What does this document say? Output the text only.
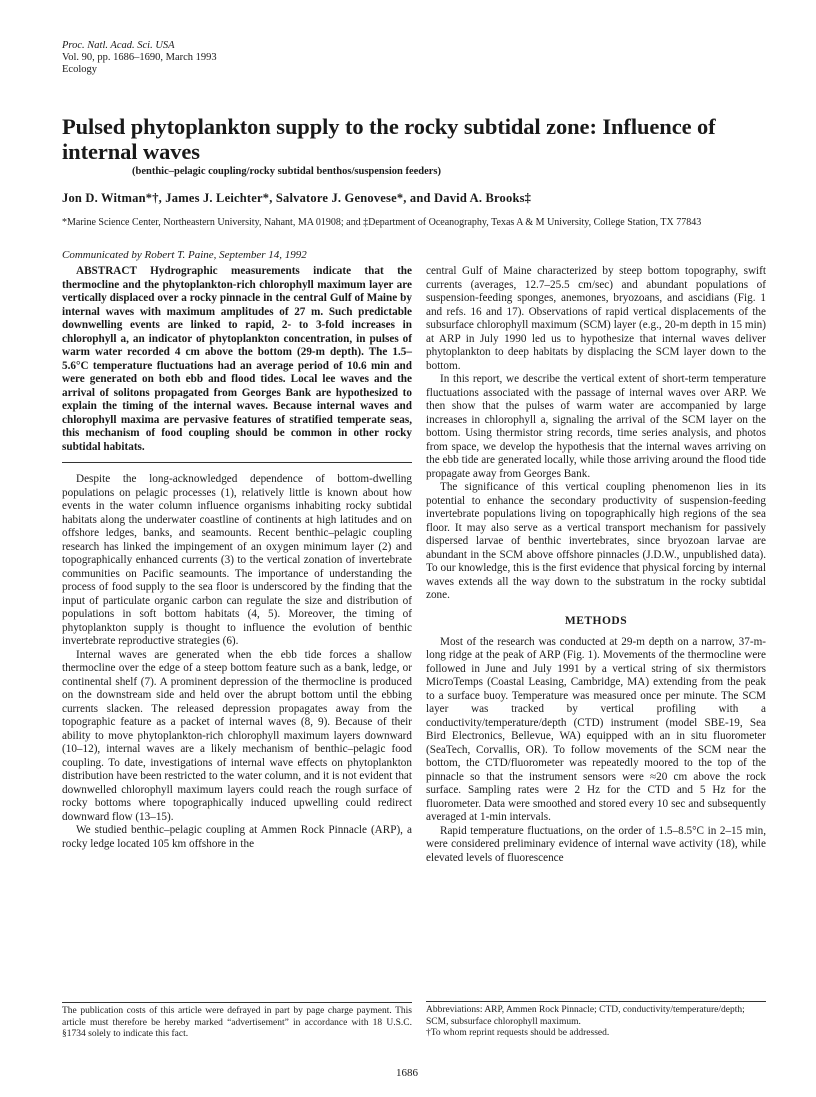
Proc. Natl. Acad. Sci. USA
Vol. 90, pp. 1686–1690, March 1993
Ecology
Pulsed phytoplankton supply to the rocky subtidal zone: Influence of internal waves
(benthic–pelagic coupling/rocky subtidal benthos/suspension feeders)
Jon D. Witman*†, James J. Leichter*, Salvatore J. Genovese*, and David A. Brooks‡
*Marine Science Center, Northeastern University, Nahant, MA 01908; and ‡Department of Oceanography, Texas A & M University, College Station, TX 77843
Communicated by Robert T. Paine, September 14, 1992

ABSTRACT Hydrographic measurements indicate that the thermocline and the phytoplankton-rich chlorophyll maximum layer are vertically displaced over a rocky pinnacle in the central Gulf of Maine by internal waves with maximum amplitudes of 27 m. Such predictable downwelling events are linked to rapid, 2- to 3-fold increases in chlorophyll a, an indicator of phytoplankton concentration, in pulses of warm water recorded 4 cm above the bottom (29-m depth). The 1.5–5.6°C temperature fluctuations had an average period of 10.6 min and were generated on both ebb and flood tides. Local lee waves and the arrival of solitons propagated from Georges Bank are hypothesized to explain the timing of the internal waves. Because internal waves and chlorophyll maxima are pervasive features of stratified temperate seas, this mechanism of food coupling should be common in other rocky subtidal habitats.

Despite the long-acknowledged dependence of bottom-dwelling populations on pelagic processes (1), relatively little is known about how events in the water column influence organisms inhabiting rocky subtidal habitats along the underwater coastline of continents at high latitudes and on offshore ledges, banks, and seamounts. Recent benthic–pelagic coupling research has linked the impingement of an oxygen minimum layer (2) and topographically enhanced currents (3) to the vertical zonation of invertebrate communities on Pacific seamounts. The importance of understanding the process of food supply to the sea floor is underscored by the finding that the input of particulate organic carbon can regulate the size and distribution of populations in soft bottom habitats (4, 5). Moreover, the timing of phytoplankton supply is thought to influence the evolution of benthic invertebrate reproductive strategies (6).

Internal waves are generated when the ebb tide forces a shallow thermocline over the edge of a steep bottom feature such as a bank, ledge, or continental shelf (7). A prominent depression of the thermocline is produced on the downstream side and held over the abrupt bottom until the ebbing currents slacken. The released depression propagates away from the topographic feature as a packet of internal waves (8, 9). Because of their ability to move phytoplankton-rich chlorophyll maximum layers downward (10–12), internal waves are a likely mechanism of benthic–pelagic food coupling. To date, investigations of internal wave effects on phytoplankton distribution have been restricted to the water column, and it is not evident that downwelled chlorophyll maximum layers could reach the rough surface of rocky bottoms where topographically induced upwelling could redirect downward flow (13–15).

We studied benthic–pelagic coupling at Ammen Rock Pinnacle (ARP), a rocky ledge located 105 km offshore in the

central Gulf of Maine characterized by steep bottom topography, swift currents (averages, 12.7–25.5 cm/sec) and abundant populations of suspension-feeding sponges, anemones, bryozoans, and ascidians (Fig. 1 and refs. 16 and 17). Observations of rapid vertical displacements of the subsurface chlorophyll maximum (SCM) layer (e.g., 20-m depth in 15 min) at ARP in July 1990 led us to hypothesize that internal waves deliver phytoplankton to deep habitats by displacing the SCM layer down to the bottom.

In this report, we describe the vertical extent of short-term temperature fluctuations associated with the passage of internal waves over ARP. We then show that the pulses of warm water are accompanied by large increases in chlorophyll a, signaling the arrival of the SCM layer on the bottom. Using thermistor string records, time series analysis, and photos from space, we develop the hypothesis that the internal waves arriving on the ebb tide are generated locally, while those arriving around the flood tide propagate away from Georges Bank.

The significance of this vertical coupling phenomenon lies in its potential to enhance the secondary productivity of suspension-feeding invertebrate populations living on topographically high regions of the sea floor. It may also serve as a vertical transport mechanism for passively dispersed larvae of benthic invertebrates, since bryozoan larvae are abundant in the SCM above offshore pinnacles (J.D.W., unpublished data). To our knowledge, this is the first evidence that physical forcing by internal waves extends all the way down to the substratum in the rocky subtidal zone.

METHODS

Most of the research was conducted at 29-m depth on a narrow, 37-m-long ridge at the peak of ARP (Fig. 1). Movements of the thermocline were followed in June and July 1991 by a vertical string of six thermistors MicroTemps (Coastal Leasing, Cambridge, MA) extending from the peak to a surface buoy. Temperature was measured once per minute. The SCM layer was tracked by vertical profiling with a conductivity/temperature/depth (CTD) instrument (model SBE-19, Sea Bird Electronics, Bellevue, WA) equipped with an in situ fluorometer (SeaTech, Corvallis, OR). To follow movements of the SCM near the bottom, the CTD/fluorometer was repeatedly moored to the top of the pinnacle so that the instrument sensors were ≈20 cm above the rock surface. Sampling rates were 2 Hz for the CTD and 5 Hz for the fluorometer. Data were smoothed and stored every 10 sec and subsequently averaged at 1-min intervals.

Rapid temperature fluctuations, on the order of 1.5–8.5°C in 2–15 min, were considered preliminary evidence of internal wave activity (18), while elevated levels of fluorescence

The publication costs of this article were defrayed in part by page charge payment. This article must therefore be hereby marked “advertisement” in accordance with 18 U.S.C. §1734 solely to indicate this fact.
Abbreviations: ARP, Ammen Rock Pinnacle; CTD, conductivity/temperature/depth; SCM, subsurface chlorophyll maximum.
†To whom reprint requests should be addressed.
1686
